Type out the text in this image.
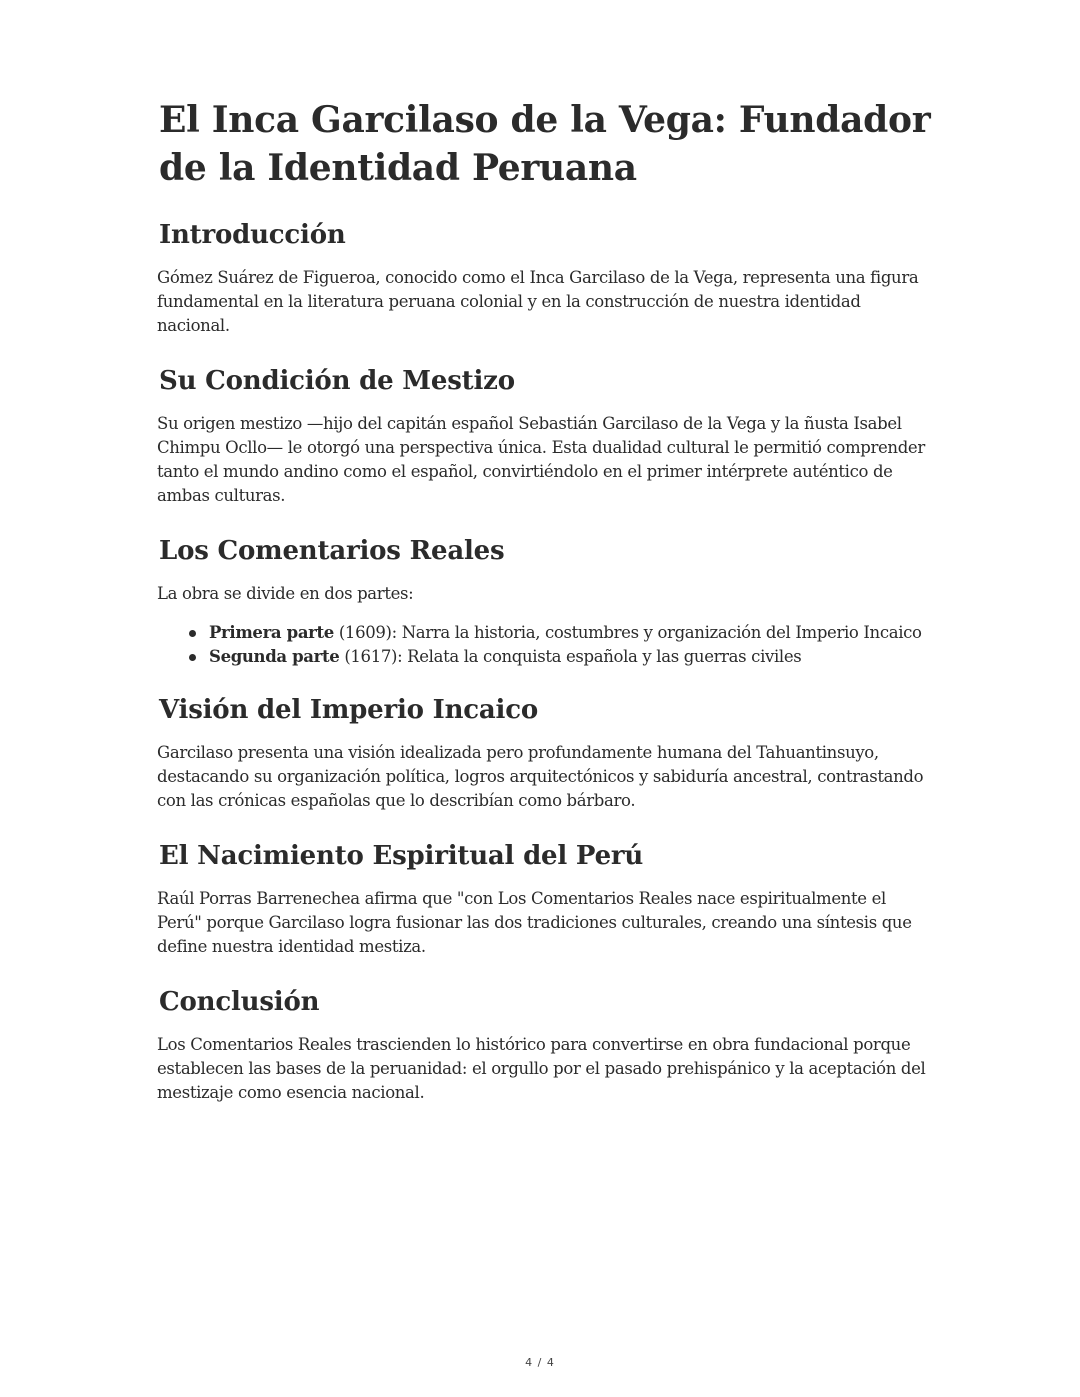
El Inca Garcilaso de la Vega: Fundador de la Identidad Peruana
Introducción

Gómez Suárez de Figueroa, conocido como el Inca Garcilaso de la Vega, representa una figura fundamental en la literatura peruana colonial y en la construcción de nuestra identidad nacional.

Su Condición de Mestizo

Su origen mestizo —hijo del capitán español Sebastián Garcilaso de la Vega y la ñusta Isabel Chimpu Ocllo— le otorgó una perspectiva única. Esta dualidad cultural le permitió comprender tanto el mundo andino como el español, convirtiéndolo en el primer intérprete auténtico de ambas culturas.

Los Comentarios Reales

La obra se divide en dos partes:

Primera parte (1609): Narra la historia, costumbres y organización del Imperio Incaico
Segunda parte (1617): Relata la conquista española y las guerras civiles
Visión del Imperio Incaico

Garcilaso presenta una visión idealizada pero profundamente humana del Tahuantinsuyo, destacando su organización política, logros arquitectónicos y sabiduría ancestral, contrastando con las crónicas españolas que lo describían como bárbaro.

El Nacimiento Espiritual del Perú

Raúl Porras Barrenechea afirma que "con Los Comentarios Reales nace espiritualmente el Perú" porque Garcilaso logra fusionar las dos tradiciones culturales, creando una síntesis que define nuestra identidad mestiza.

Conclusión

Los Comentarios Reales trascienden lo histórico para convertirse en obra fundacional porque establecen las bases de la peruanidad: el orgullo por el pasado prehispánico y la aceptación del mestizaje como esencia nacional.

4 / 4
